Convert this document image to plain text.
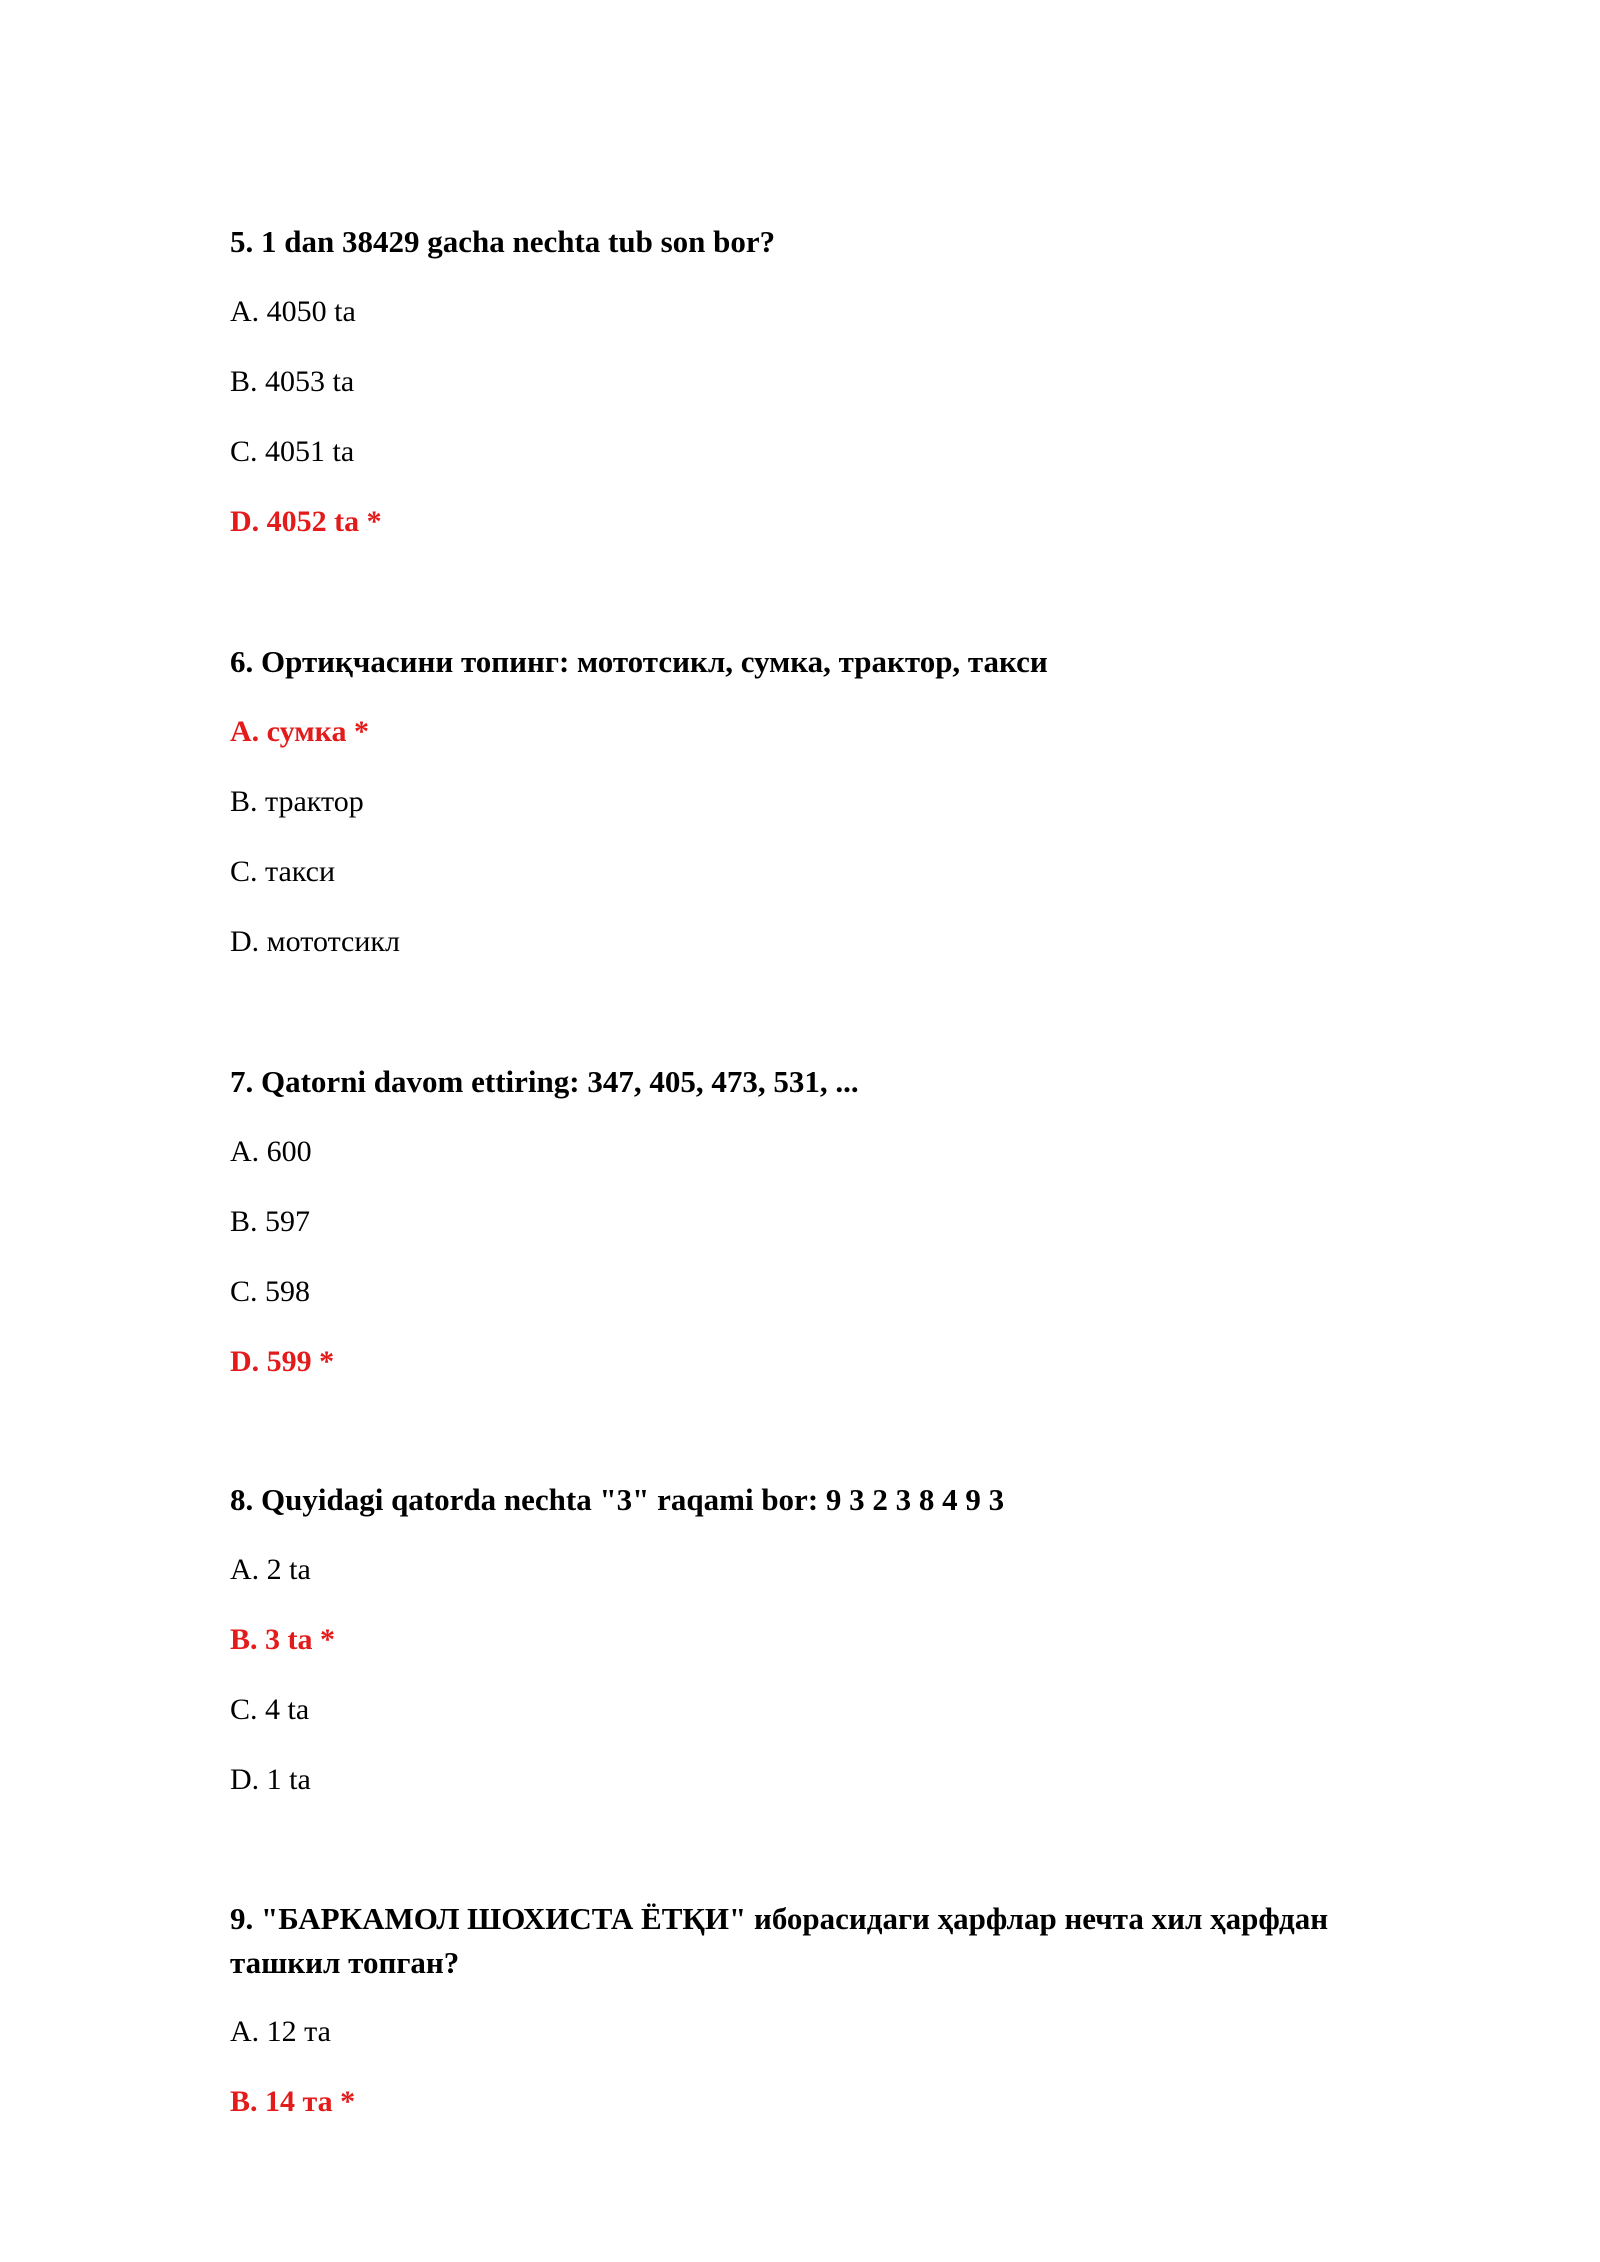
5. 1 dan 38429 gacha nechta tub son bor?

A. 4050 ta

B. 4053 ta

C. 4051 ta

D. 4052 ta *

6. Ортиқчасини топинг: мототсикл, сумка, трактор, такси

A. сумка *

B. трактор

C. такси

D. мототсикл

7. Qatorni davom ettiring: 347, 405, 473, 531, ...

A. 600

B. 597

C. 598

D. 599 *

8. Quyidagi qatorda nechta "3" raqami bor: 9 3 2 3 8 4 9 3

A. 2 ta

B. 3 ta *

C. 4 ta

D. 1 ta

9. "БАРКАМОЛ ШОХИСТА ЁТҚИ" иборасидаги ҳарфлар нечта хил ҳарфдан ташкил топган?

A. 12 та

B. 14 та *
